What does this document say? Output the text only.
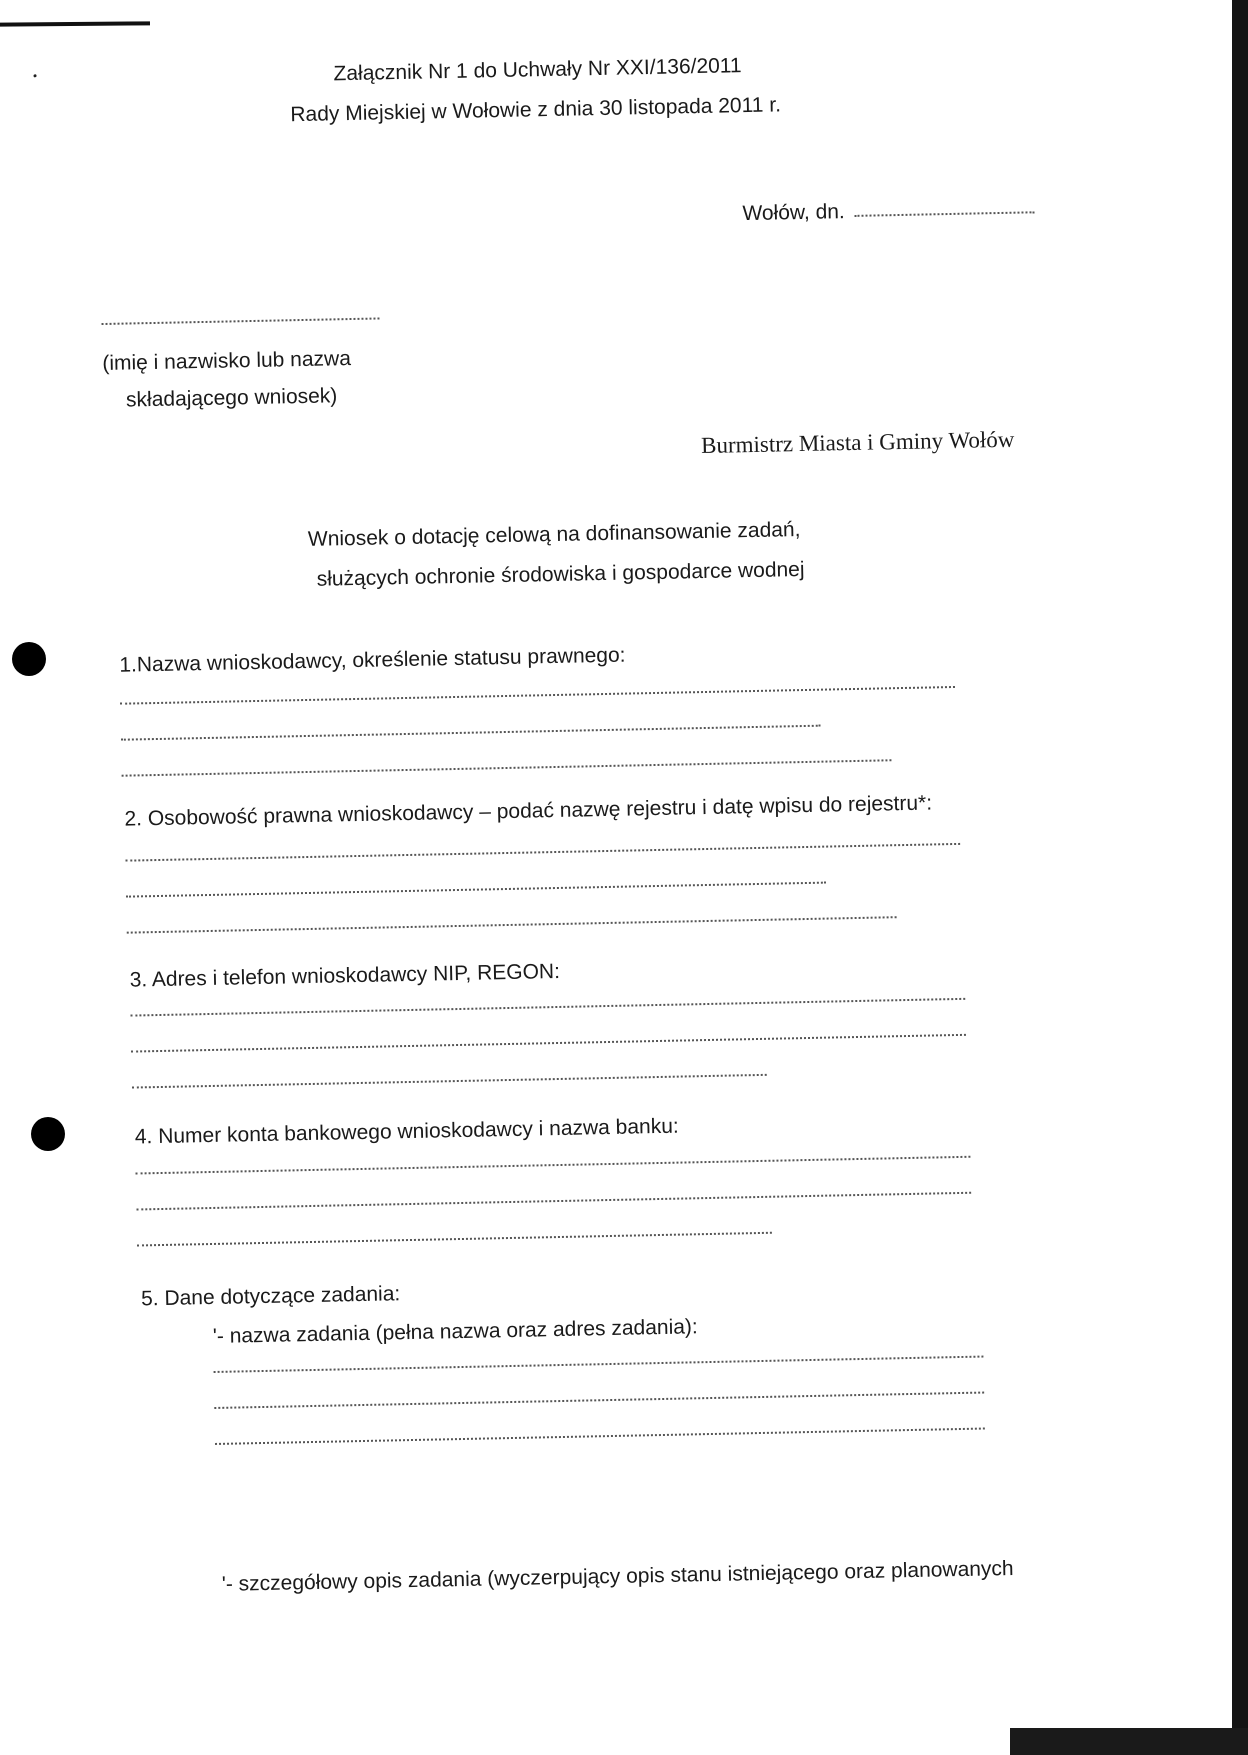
Załącznik Nr 1 do Uchwały Nr XXI/136/2011
Rady Miejskiej w Wołowie z dnia 30 listopada 2011 r.
Wołów, dn.
(imię i nazwisko lub nazwa
składającego wniosek)
Burmistrz Miasta i Gminy Wołów
Wniosek o dotację celową na dofinansowanie zadań,
służących ochronie środowiska i gospodarce wodnej
1.Nazwa wnioskodawcy, określenie statusu prawnego:
2. Osobowość prawna wnioskodawcy – podać nazwę rejestru i datę wpisu do rejestru*:
3. Adres i telefon wnioskodawcy NIP, REGON:
4. Numer konta bankowego wnioskodawcy i nazwa banku:
5. Dane dotyczące zadania:
'- nazwa zadania (pełna nazwa oraz adres zadania):
'- szczegółowy opis zadania (wyczerpujący opis stanu istniejącego oraz planowanych
